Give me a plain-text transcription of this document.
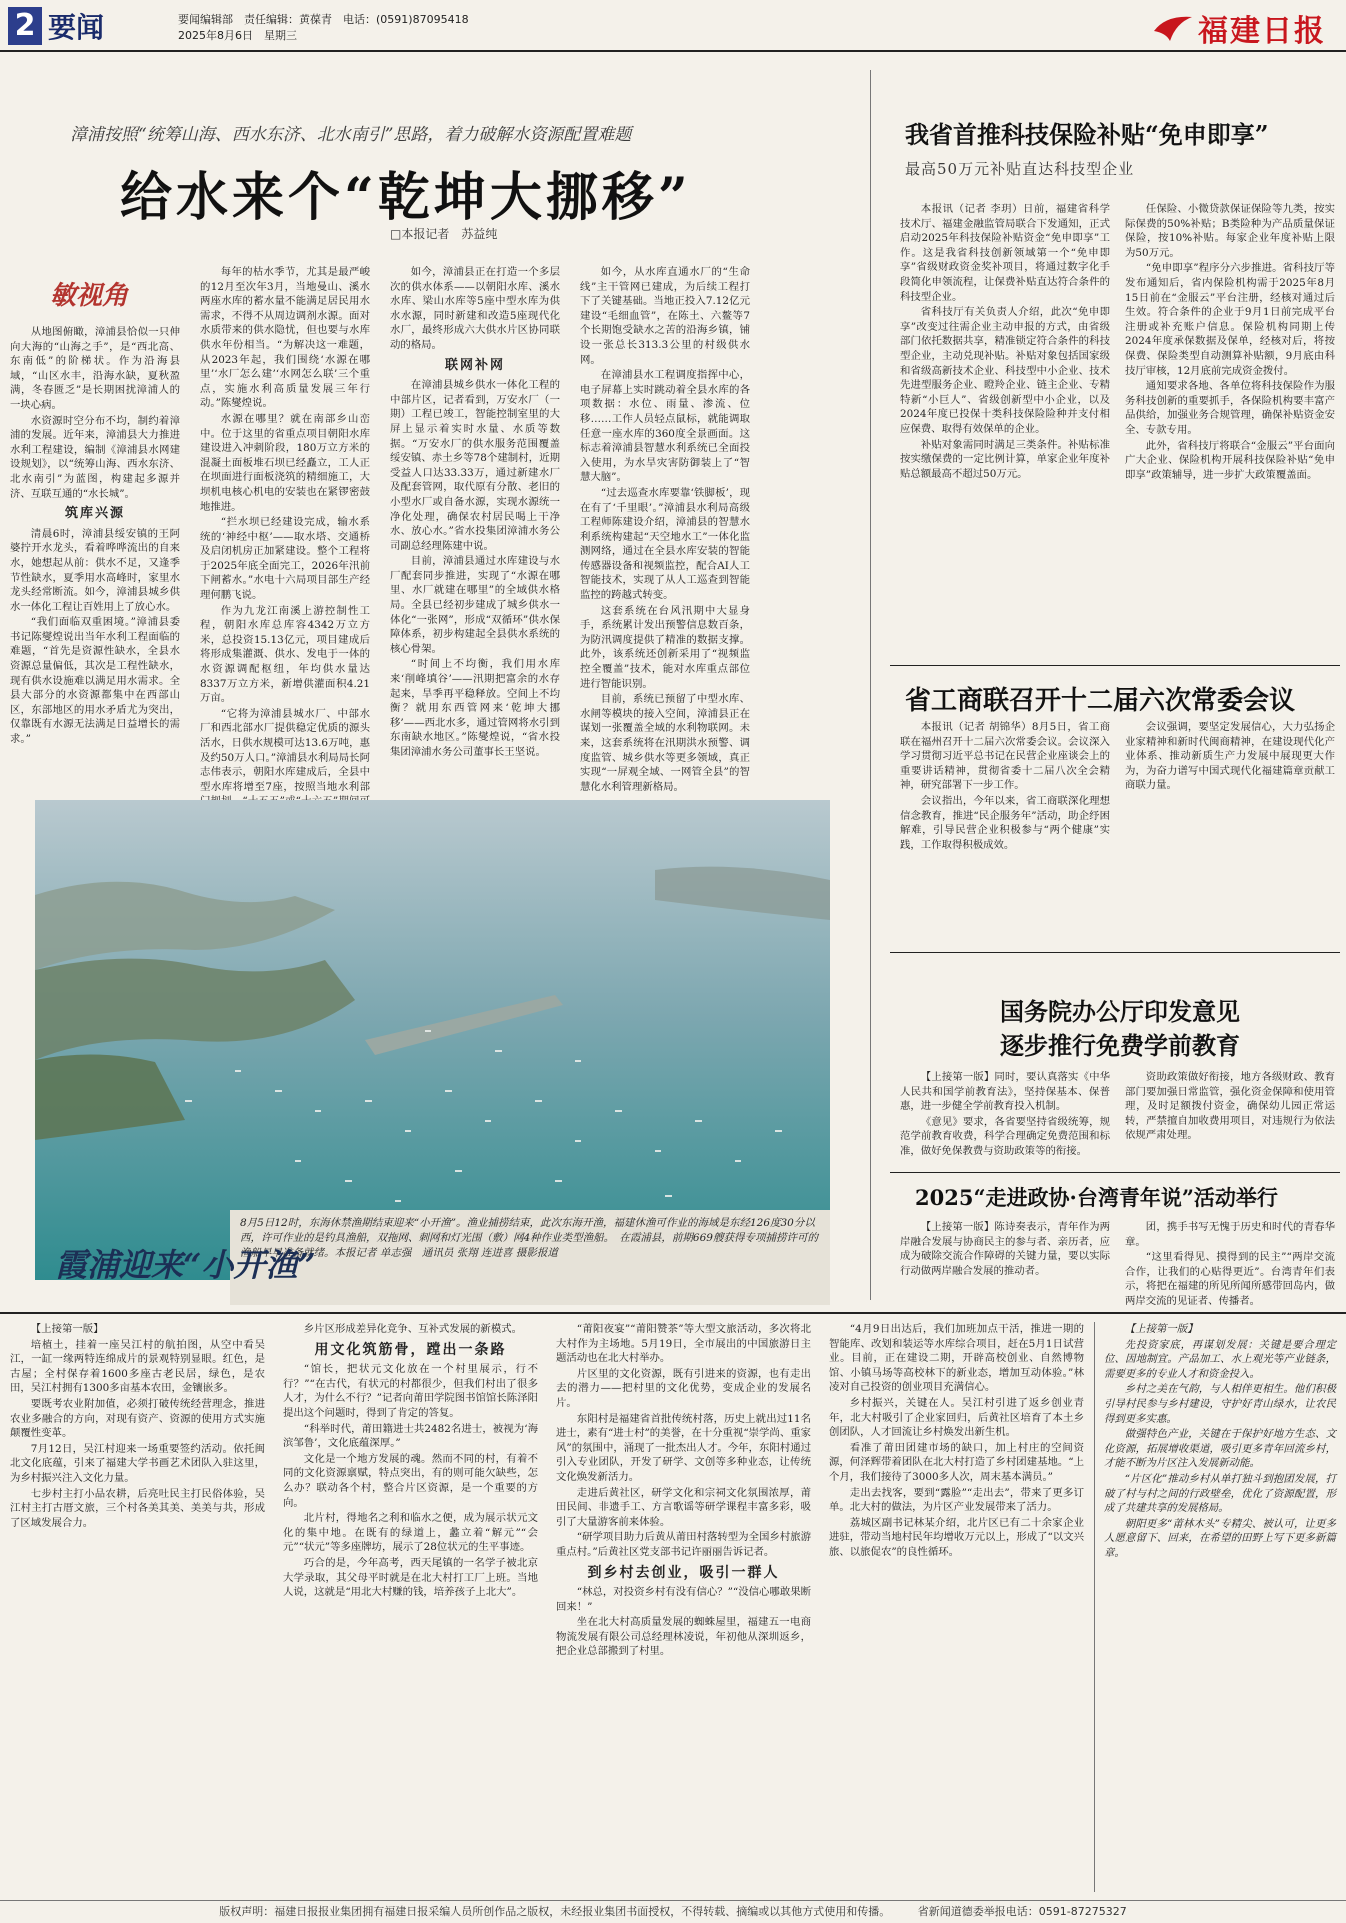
2 要闻	要闻编辑部　责任编辑：黄葆青　电话：(0591)87095418
2025年8月6日　星期三	福建日报
漳浦按照“统筹山海、西水东济、北水南引”思路，着力破解水资源配置难题
给水来个“乾坤大挪移”
□本报记者　苏益纯
敏视角

从地图俯瞰，漳浦县恰似一只伸向大海的“山海之手”，是“西北高、东南低”的阶梯状。作为沿海县域，“山区水丰，沿海水缺，夏秋盈满，冬春匮乏”是长期困扰漳浦人的一块心病。

水资源时空分布不均，制约着漳浦的发展。近年来，漳浦县大力推进水利工程建设，编制《漳浦县水网建设规划》，以“统筹山海、西水东济、北水南引”为蓝图，构建起多源并济、互联互通的“水长城”。

筑库兴源

清晨6时，漳浦县绥安镇的王阿婆拧开水龙头，看着哗哗流出的自来水，她想起从前：供水不足，又逢季节性缺水，夏季用水高峰时，家里水龙头经常断流。如今，漳浦县城乡供水一体化工程让百姓用上了放心水。

“我们面临双重困境。”漳浦县委书记陈燮煌说出当年水利工程面临的难题，“首先是资源性缺水，全县水资源总量偏低，其次是工程性缺水，现有供水设施难以满足用水需求。全县大部分的水资源都集中在西部山区，东部地区的用水矛盾尤为突出，仅靠既有水源无法满足日益增长的需求。”

每年的枯水季节，尤其是最严峻的12月至次年3月，当地曼山、溪水两座水库的蓄水量不能满足居民用水需求，不得不从周边调剂水源。面对水质带来的供水隐忧，但也要与水库供水年份相当。“为解决这一难题，从2023年起，我们围绕‘水源在哪里’‘水厂怎么建’‘水网怎么联’三个重点，实施水利高质量发展三年行动。”陈燮煌说。

水源在哪里？就在南部乡山峦中。位于这里的省重点项目朝阳水库建设进入冲刺阶段，180万立方米的混凝土面板堆石坝已经矗立，工人正在坝面进行面板浇筑的精细施工，大坝机电核心机电的安装也在紧锣密鼓地推进。

“拦水坝已经建设完成，输水系统的‘神经中枢’——取水塔、交通桥及启闭机房正加紧建设。整个工程将于2025年底全面完工，2026年汛前下闸蓄水。”水电十六局项目部生产经理何鹏飞说。

作为九龙江南溪上游控制性工程，朝阳水库总库容4342万立方米，总投资15.13亿元，项目建成后将形成集灌溉、供水、发电于一体的水资源调配枢纽，年均供水量达8337万立方米，新增供灌面积4.21万亩。

“它将为漳浦县城水厂、中部水厂和西北部水厂提供稳定优质的源头活水，日供水规模可达13.6万吨，惠及约50万人口。”漳浦县水利局局长阿志伟表示，朝阳水库建成后，全县中型水库将增至7座，按照当地水利部

如今，漳浦县正在打造一个多层次的供水体系——以朝阳水库、溪水水库、梁山水库等5座中型水库为供水水源，同时新建和改造5座现代化水厂，最终形成六大供水片区协同联动的格局。

联网补网

在漳浦县城乡供水一体化工程的中部片区，记者看到，万安水厂（一期）工程已竣工，智能控制室里的大屏上显示着实时水量、水质等数据。“万安水厂的供水服务范围覆盖绥安镇、赤土乡等78个建制村，近期受益人口达33.33万，通过新建水厂及配套管网，取代原有分散、老旧的小型水厂或自备水源，实现水源统一净化处理，确保农村居民喝上干净水、放心水。”省水投集团漳浦水务公司副总经理陈建中说。

目前，漳浦县通过水库建设与水厂配套同步推进，实现了“水源在哪里、水厂就建在哪里”的全域供水格局。全县已经初步建成了城乡供水一体化“一张网”，形成“双循环”供水保障体系，初步构建起全县供水系统的核心骨架。

“时间上不均衡，我们用水库来‘削峰填谷’——汛期把富余的水存起来，旱季再平稳释放。空间上不均衡？就用东西管网来‘乾坤大挪移’——西北水多，通过管网将水引到东南缺水地区。”陈燮煌说，“省水投集团漳浦水务公司董事长王坚说。

如今，从水库直通水厂的“生命线”主干管网已建成，为后续工程打下了关键基础。当地正投入7.12亿元建设“毛细血管”，在陈土、六鳌等7个长期饱受缺水之苦的沿海乡镇，铺设一张总长313.3公里的村级供水网。

在漳浦县水工程调度指挥中心，电子屏幕上实时跳动着全县水库的各项数据：水位、雨量、渗流、位移……工作人员轻点鼠标，就能调取任意一座水库的360度全景画面。这标志着漳浦县智慧水利系统已全面投入使用，为水旱灾害防御装上了“智慧大脑”。

“过去巡查水库要靠‘铁脚板’，现在有了‘千里眼’。”漳浦县水利局高级工程师陈建设介绍，漳浦县的智慧水利系统构建起“天空地水工”一体化监测网络，通过在全县水库安装的智能传感器设备和视频监控，配合AI人工智能技术，实现了从人工巡查到智能监控的跨越式转变。

这套系统在台风汛期中大显身手，系统累计发出预警信息数百条，为防汛调度提供了精准的数据支撑。此外，该系统还创新采用了“视频监控全覆盖”技术，能对水库重点部位进行智能识别。

目前，系统已预留了中型水库、水闸等模块的接入空间，漳浦县正在谋划一张覆盖全域的水利物联网。未来，这套系统将在汛期洪水预警、调度监管、城乡供水等更多领域，真正实现“一屏观全域、一网管全县”的智慧化水利管理新格局。

8月5日12时，东海休禁渔期结束迎来“小开渔”。渔业捕捞结束，此次东海开渔，福建休渔可作业的海域是东经126度30分以西，许可作业的是钓具渔船，双拖网、刺网和灯光围（敷）网4种作业类型渔船。　在霞浦县，前期669艘获得专项捕捞许可的渔船早早准备就绪。本报记者 单志强　通讯员 张翔 连进喜 摄影报道
霞浦迎来“小开渔”
我省首推科技保险补贴“免申即享”
最高50万元补贴直达科技型企业

本报讯（记者 李玥）日前，福建省科学技术厅、福建金融监管局联合下发通知，正式启动2025年科技保险补贴资金“免申即享”工作。这是我省科技创新领域第一个“免申即享”省级财政资金奖补项目，将通过数字化手段简化申领流程，让保费补贴直达符合条件的科技型企业。

省科技厅有关负责人介绍，此次“免申即享”改变过往需企业主动申报的方式，由省级部门依托数据共享，精准锁定符合条件的科技型企业，主动兑现补贴。补贴对象包括国家级和省级高新技术企业、科技型中小企业、技术先进型服务企业、瞪羚企业、链主企业、专精特新“小巨人”、省级创新型中小企业，以及2024年度已投保十类科技保险险种并支付相应保费、取得有效保单的企业。

补贴对象需同时满足三类条件。补贴标准按实缴保费的一定比例计算，单家企业年度补贴总额最高不超过50万元。

任保险、小微贷款保证保险等九类，按实际保费的50%补贴；B类险种为产品质量保证保险，按10%补贴。每家企业年度补贴上限为50万元。

“免申即享”程序分六步推进。省科技厅等发布通知后，省内保险机构需于2025年8月15日前在“金服云”平台注册，经核对通过后生效。符合条件的企业于9月1日前完成平台注册或补充账户信息。保险机构同期上传2024年度承保数据及保单，经核对后，将按保费、保险类型自动测算补贴额，9月底由科技厅审核，12月底前完成资金拨付。

通知要求各地、各单位将科技保险作为服务科技创新的重要抓手，各保险机构要丰富产品供给，加强业务合规管理，确保补贴资金安全、专款专用。

此外，省科技厅将联合“金服云”平台面向广大企业、保险机构开展科技保险补贴“免申即享”政策辅导，进一步扩大政策覆盖面。

省工商联召开十二届六次常委会议

本报讯（记者 胡锦华）8月5日，省工商联在福州召开十二届六次常委会议。会议深入学习贯彻习近平总书记在民营企业座谈会上的重要讲话精神，贯彻省委十二届八次全会精神，研究部署下一步工作。

会议指出，今年以来，省工商联深化理想信念教育，推进“民企服务年”活动，助企纾困解难，引导民营企业积极参与“两个健康”实践，工作取得积极成效。

会议强调，要坚定发展信心，大力弘扬企业家精神和新时代闽商精神，在建设现代化产业体系、推动新质生产力发展中展现更大作为，为奋力谱写中国式现代化福建篇章贡献工商联力量。

国务院办公厅印发意见
逐步推行免费学前教育

【上接第一版】同时，要认真落实《中华人民共和国学前教育法》，坚持保基本、保普惠，进一步健全学前教育投入机制。

《意见》要求，各省要坚持省级统筹，规范学前教育收费，科学合理确定免费范围和标准，做好免保教费与资助政策等的衔接。

资助政策做好衔接，地方各级财政、教育部门要加强日常监管，强化资金保障和使用管理，及时足额拨付资金，确保幼儿园正常运转，严禁擅自加收费用项目，对违规行为依法依规严肃处理。

2025“走进政协·台湾青年说”活动举行

【上接第一版】陈诗奏表示，青年作为两岸融合发展与协商民主的参与者、亲历者，应成为破除交流合作障碍的关键力量，要以实际行动做两岸融合发展的推动者。

团，携手书写无愧于历史和时代的青春华章。

“这里看得见、摸得到的民主”“两岸交流合作，让我们的心贴得更近”。台湾青年们表示，将把在福建的所见所闻所感带回岛内，做两岸交流的见证者、传播者。

【上接第一版】

培植土，挂着一座吴江村的航拍图，从空中看吴江，一缸一缘两特连绵成片的景观特别显眼。红色，是古屋；全村保存着1600多座古老民居，绿色，是农田，吴江村拥有1300多亩基本农田，金镶嵌多。

要既考农业附加值，必须打破传统经营理念，推进农业多融合的方向，对现有资产、资源的使用方式实施颠覆性变革。

7月12日，吴江村迎来一场重要签约活动。依托闽北文化底蕴，引来了福建大学书画艺术团队入驻这里，为乡村振兴注入文化力量。

七步村主打小品农耕，后亮吐民主打民俗体验，吴江村主打古厝文旅，三个村各美其美、美美与共，形成了区域发展合力。

乡片区形成差异化竞争、互补式发展的新模式。

用文化筑筋骨，蹚出一条路

“馆长，把状元文化放在一个村里展示，行不行？”“在古代，有状元的村都很少，但我们村出了很多人才，为什么不行？”记者向莆田学院图书馆馆长陈泽阳提出这个问题时，得到了肯定的答复。

“科举时代，莆田籍进士共2482名进士，被视为‘海滨邹鲁’，文化底蕴深厚。”

文化是一个地方发展的魂。然而不同的村，有着不同的文化资源禀赋，特点突出，有的则可能欠缺些，怎么办？联动各个村，整合片区资源，是一个重要的方向。

北片村，得地名之利和临水之便，成为展示状元文化的集中地。在既有的绿道上，蠡立着“解元”“会元”“状元”等多座牌坊，展示了28位状元的生平事迹。

巧合的是，今年高考，西天尾镇的一名学子被北京大学录取，其父母平时就是在北大村打工厂上班。当地人说，这就是“用北大村赚的钱，培养孩子上北大”。

“莆阳夜宴”“莆阳赞茶”等大型文旅活动，多次将北大村作为主场地。5月19日，全市展出的中国旅游日主题活动也在北大村举办。

片区里的文化资源，既有引进来的资源，也有走出去的潜力——把村里的文化优势，变成企业的发展名片。

东阳村是福建省首批传统村落，历史上就出过11名进士，素有“进士村”的美誉，在十分重视“崇学尚、重家风”的氛围中，涌现了一批杰出人才。今年，东阳村通过引入专业团队，开发了研学、文创等多种业态，让传统文化焕发新活力。

走进后黄社区，研学文化和宗祠文化氛围浓厚，莆田民间、非遗手工、方言歌谣等研学课程丰富多彩，吸引了大量游客前来体验。

“研学项目助力后黄从莆田村落转型为全国乡村旅游重点村。”后黄社区党支部书记许丽丽告诉记者。

到乡村去创业，吸引一群人

“林总，对投资乡村有没有信心？”“没信心哪敢果断回来！”

坐在北大村高质量发展的蜘蛛屋里，福建五一电商物流发展有限公司总经理林凌说，年初他从深圳返乡，把企业总部搬到了村里。

“4月9日出达后，我们加班加点干活，推进一期的智能库、改划和装运等水库综合项目，赶在5月1日试营业。目前，正在建设二期，开辟高校创业、自然博物馆、小镇马场等高校林下的新业态，增加互动体验。”林凌对自己投资的创业项目充满信心。

乡村振兴，关键在人。吴江村引进了返乡创业青年，北大村吸引了企业家回归，后黄社区培育了本土乡创团队，人才回流让乡村焕发出新生机。

看准了莆田团建市场的缺口，加上村庄的空间资源，何泽辉带着团队在北大村打造了乡村团建基地。“上个月，我们接待了3000多人次，周末基本满员。”

走出去找客，要到“露脸”“走出去”，带来了更多订单。北大村的做法，为片区产业发展带来了活力。

荔城区副书记林某介绍，北片区已有二十余家企业进驻，带动当地村民年均增收万元以上，形成了“以文兴旅、以旅促农”的良性循环。

【上接第一版】

先投资家底，再谋划发展：关键是要合理定位、因地制宜。产品加工、水上观光等产业链条，需要更多的专业人才和资金投入。

乡村之美在气韵，与人相伴更相生。他们积极引导村民参与乡村建设，守护好青山绿水，让农民得到更多实惠。

做强特色产业，关键在于保护好地方生态、文化资源，拓展增收渠道，吸引更多青年回流乡村，才能不断为片区注入发展新动能。

“片区化”推动乡村从单打独斗到抱团发展，打破了村与村之间的行政壁垒，优化了资源配置，形成了共建共享的发展格局。

朝阳更多“莆林木头”专精尖、被认可，让更多人愿意留下、回来，在希望的田野上写下更多新篇章。

版权声明：福建日报报业集团拥有福建日报采编人员所创作品之版权，未经报业集团书面授权，不得转载、摘编或以其他方式使用和传播。　　　省新闻道德委举报电话：0591-87275327
